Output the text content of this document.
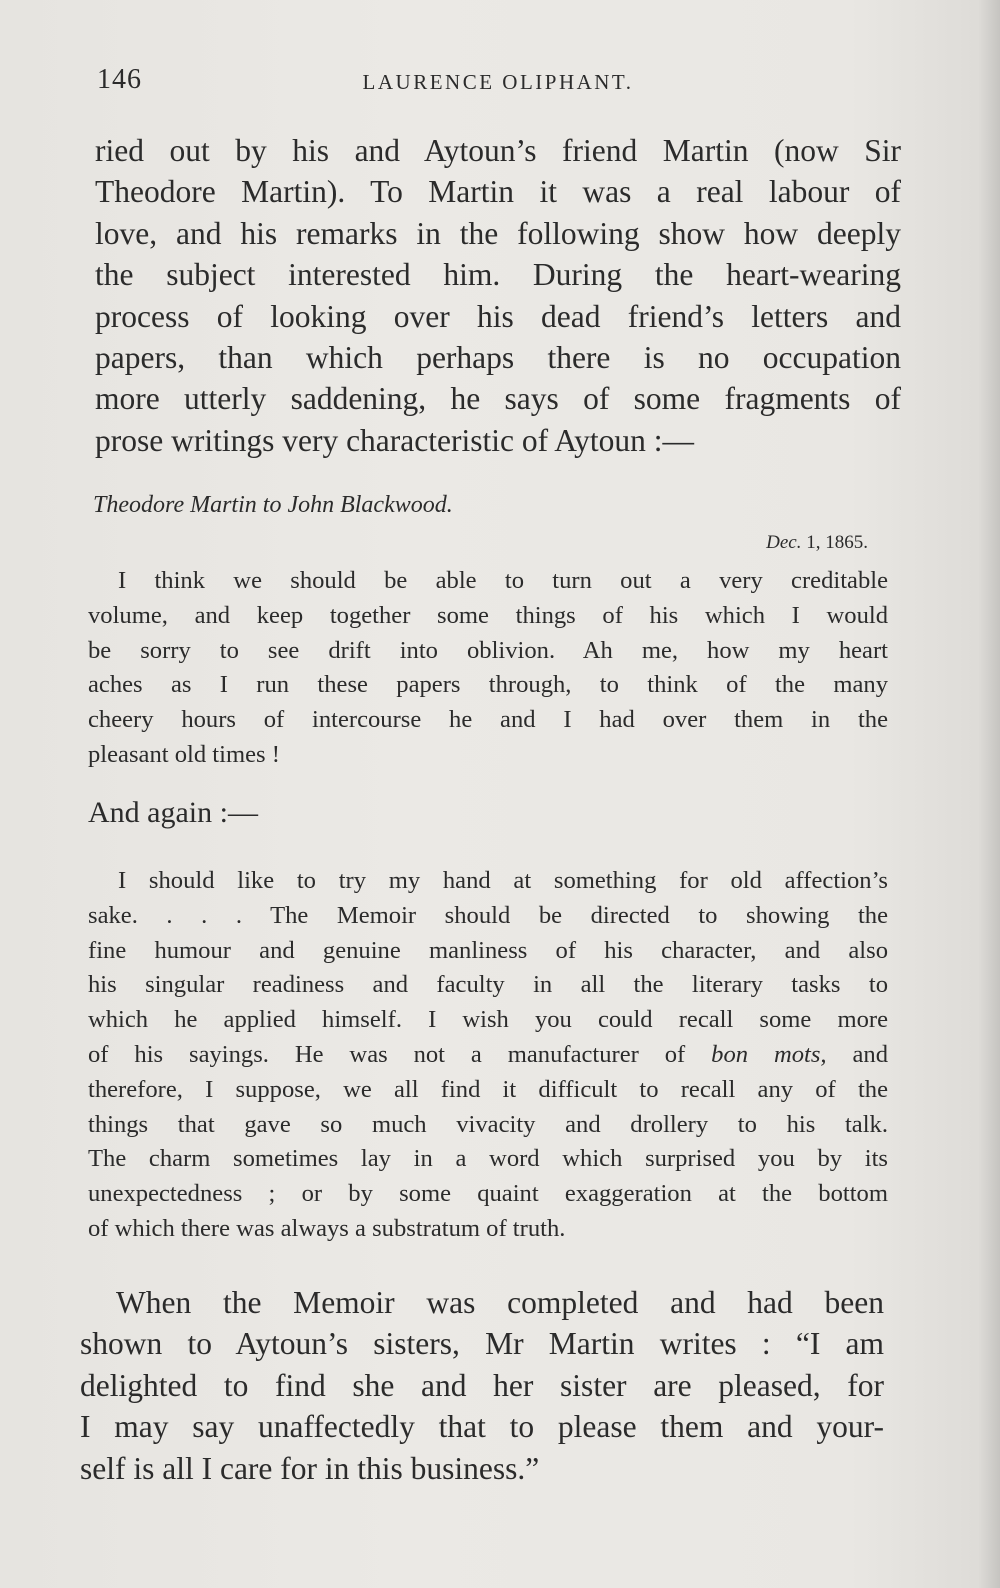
146	LAURENCE OLIPHANT.
ried out by his and Aytoun’s friend Martin (now Sir
Theodore Martin). To Martin it was a real labour of
love, and his remarks in the following show how deeply
the subject interested him. During the heart-wearing
process of looking over his dead friend’s letters and
papers, than which perhaps there is no occupation
more utterly saddening, he says of some fragments of
prose writings very characteristic of Aytoun :—
Theodore Martin to John Blackwood.
Dec. 1, 1865.
I think we should be able to turn out a very creditable
volume, and keep together some things of his which I would
be sorry to see drift into oblivion. Ah me, how my heart
aches as I run these papers through, to think of the many
cheery hours of intercourse he and I had over them in the
pleasant old times !
And again :—
I should like to try my hand at something for old affection’s
sake. . . . The Memoir should be directed to showing the
fine humour and genuine manliness of his character, and also
his singular readiness and faculty in all the literary tasks to
which he applied himself. I wish you could recall some more
of his sayings. He was not a manufacturer of bon mots, and
therefore, I suppose, we all find it difficult to recall any of the
things that gave so much vivacity and drollery to his talk.
The charm sometimes lay in a word which surprised you by its
unexpectedness ; or by some quaint exaggeration at the bottom
of which there was always a substratum of truth.
When the Memoir was completed and had been
shown to Aytoun’s sisters, Mr Martin writes : “I am
delighted to find she and her sister are pleased, for
I may say unaffectedly that to please them and your-
self is all I care for in this business.”
